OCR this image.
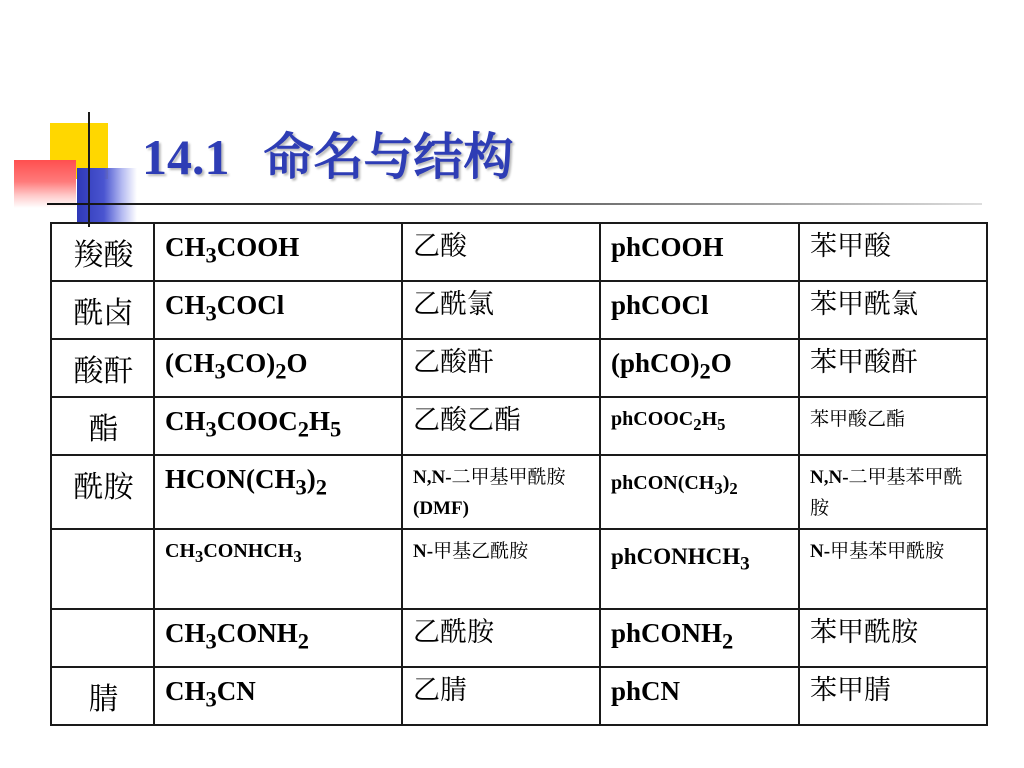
14.1 命名与结构
羧酸	$CH_3COOH$	乙酸	phCOOH	苯甲酸
酰卤	$CH_3COCl$	乙酰氯	phCOCl	苯甲酰氯
酸酐	$(CH_3CO)_2O$	乙酸酐	$(phCO)_2O$	苯甲酸酐
酯	$CH_3COOC_2H_5$	乙酸乙酯	$phCOOC_2H_5$	苯甲酸乙酯
酰胺	$HCON(CH_3)_2$	N,N-二甲基甲酰胺 (DMF)	$phCON(CH_3)_2$	N,N-二甲基苯甲酰胺
	$CH_3CONHCH_3$	N-甲基乙酰胺	phCONHCH$_3$	N-甲基苯甲酰胺
	$CH_3CONH_2$	乙酰胺	phCONH$_2$	苯甲酰胺
腈	$CH_3CN$	乙腈	phCN	苯甲腈
